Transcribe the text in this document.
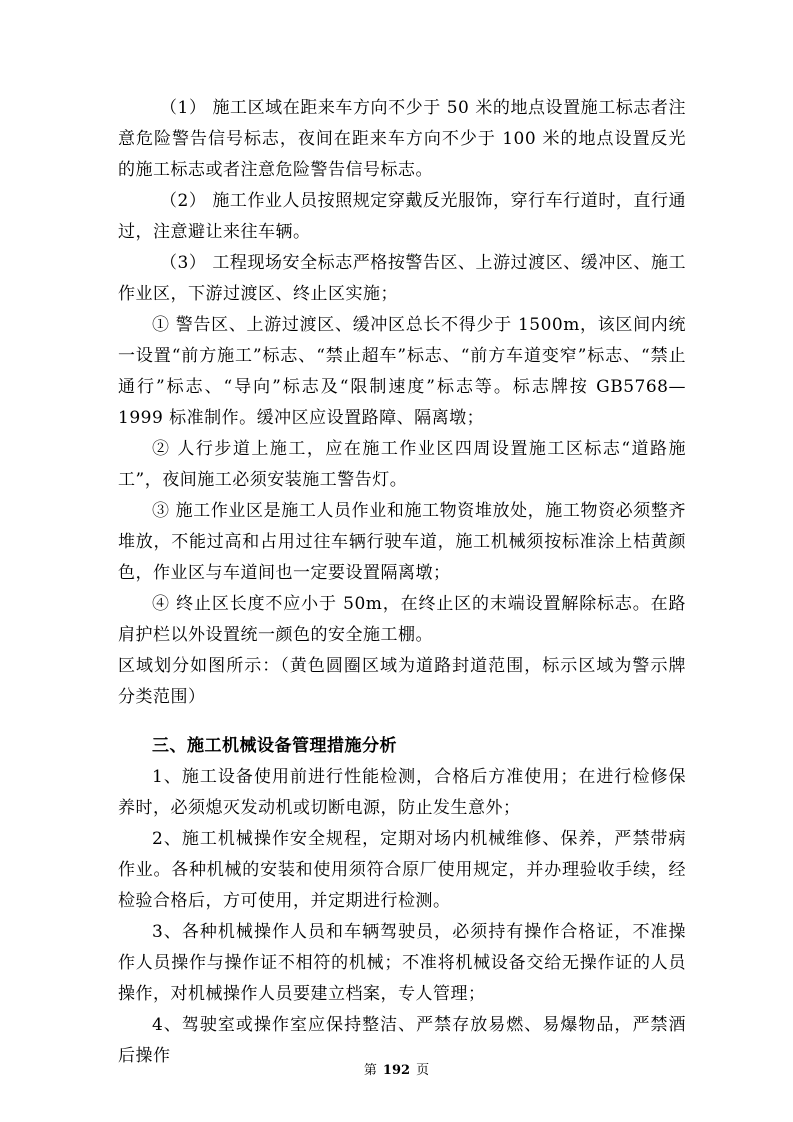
（1） 施工区域在距来车方向不少于 50 米的地点设置施工标志者注意危险警告信号标志，夜间在距来车方向不少于 100 米的地点设置反光的施工标志或者注意危险警告信号标志。

（2） 施工作业人员按照规定穿戴反光服饰，穿行车行道时，直行通过，注意避让来往车辆。

（3） 工程现场安全标志严格按警告区、上游过渡区、缓冲区、施工作业区，下游过渡区、终止区实施；

① 警告区、上游过渡区、缓冲区总长不得少于 1500m，该区间内统一设置“前方施工”标志、“禁止超车”标志、“前方车道变窄”标志、“禁止通行”标志、“导向”标志及“限制速度”标志等。标志牌按 GB5768—1999 标准制作。缓冲区应设置路障、隔离墩；

② 人行步道上施工，应在施工作业区四周设置施工区标志“道路施工”，夜间施工必须安装施工警告灯。

③ 施工作业区是施工人员作业和施工物资堆放处，施工物资必须整齐堆放，不能过高和占用过往车辆行驶车道，施工机械须按标准涂上桔黄颜色，作业区与车道间也一定要设置隔离墩；

④ 终止区长度不应小于 50m，在终止区的末端设置解除标志。在路肩护栏以外设置统一颜色的安全施工棚。

区域划分如图所示：（黄色圆圈区域为道路封道范围，标示区域为警示牌分类范围）

三、施工机械设备管理措施分析

1、施工设备使用前进行性能检测，合格后方准使用；在进行检修保养时，必须熄灭发动机或切断电源，防止发生意外；

2、施工机械操作安全规程，定期对场内机械维修、保养，严禁带病作业。各种机械的安装和使用须符合原厂使用规定，并办理验收手续，经检验合格后，方可使用，并定期进行检测。

3、各种机械操作人员和车辆驾驶员，必须持有操作合格证，不准操作人员操作与操作证不相符的机械；不准将机械设备交给无操作证的人员操作，对机械操作人员要建立档案，专人管理；

4、驾驶室或操作室应保持整洁、严禁存放易燃、易爆物品，严禁酒后操作

第 192 页
